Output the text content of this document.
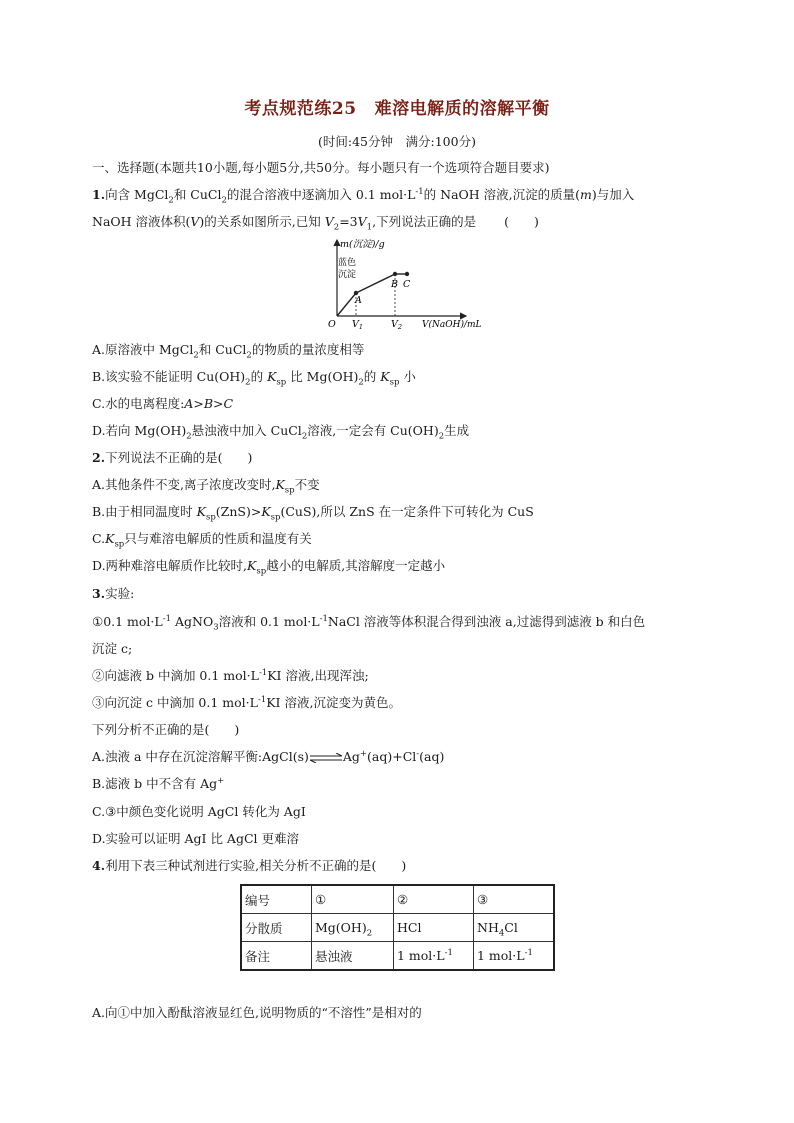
考点规范练25 难溶电解质的溶解平衡
(时间:45分钟　满分:100分)
一、选择题(本题共10小题,每小题5分,共50分。每小题只有一个选项符合题目要求)
1.向含 MgCl$_2$和 CuCl$_2$的混合溶液中逐滴加入 0.1 $mol\cdot L^{-1}$的 NaOH 溶液,沉淀的质量(m)与加入
NaOH 溶液体积(V)的关系如图所示,已知 $V_2=3V_1$,下列说法正确的是 (　　)
m(沉淀)/g
蓝色
沉淀
A
B C
O $V_1$	$V_2$ V(NaOH)/mL
A.原溶液中 MgCl$_2$和 CuCl$_2$的物质的量浓度相等
B.该实验不能证明 $Cu(OH)_2$的 $K_{sp}$ 比 $Mg(OH)_2$的 $K_{sp}$ 小
C.水的电离程度:A>B>C
D.若向 $Mg(OH)_2$悬浊液中加入 CuCl$_2$溶液,一定会有 $Cu(OH)_2$生成
2.下列说法不正确的是(　　)
A.其他条件不变,离子浓度改变时$,K_{sp}$不变
B.由于相同温度时 $K_{sp}(ZnS)>K_{sp}(CuS)$,所以 ZnS 在一定条件下可转化为 CuS
$C.K_{sp}$只与难溶电解质的性质和温度有关
D.两种难溶电解质作比较时$,K_{sp}$越小的电解质,其溶解度一定越小
3.实验:
①0.1 $mol\cdot L^{-1}$ AgNO$_3$溶液和 0.1 $mol\cdot L^{-1}NaCl$ 溶液等体积混合得到浊液 a,过滤得到滤液 b 和白色
沉淀 c;
②向滤液 b 中滴加 0.1 $mol\cdot L^{-1}KI$ 溶液,出现浑浊;
③向沉淀 c 中滴加 0.1 $mol\cdot L^{-1}KI$ 溶液,沉淀变为黄色。
下列分析不正确的是(　　)
A.浊液 a 中存在沉淀溶解平衡:AgCl(s)⇌Ag+(aq)+Cl-(aq)
B.滤液 b 中不含有 Ag+
C.③中颜色变化说明 AgCl 转化为 AgI
D.实验可以证明 AgI 比 AgCl 更难溶
4.利用下表三种试剂进行实验,相关分析不正确的是(　　)
编号	①	②	③
分散质	$Mg(OH)_2$	HCl	$NH_4Cl$
备注	悬浊液	1 $mol\cdot L^{-1}$	1 $mol\cdot L^{-1}$
A.向①中加入酚酞溶液显红色,说明物质的“不溶性”是相对的
